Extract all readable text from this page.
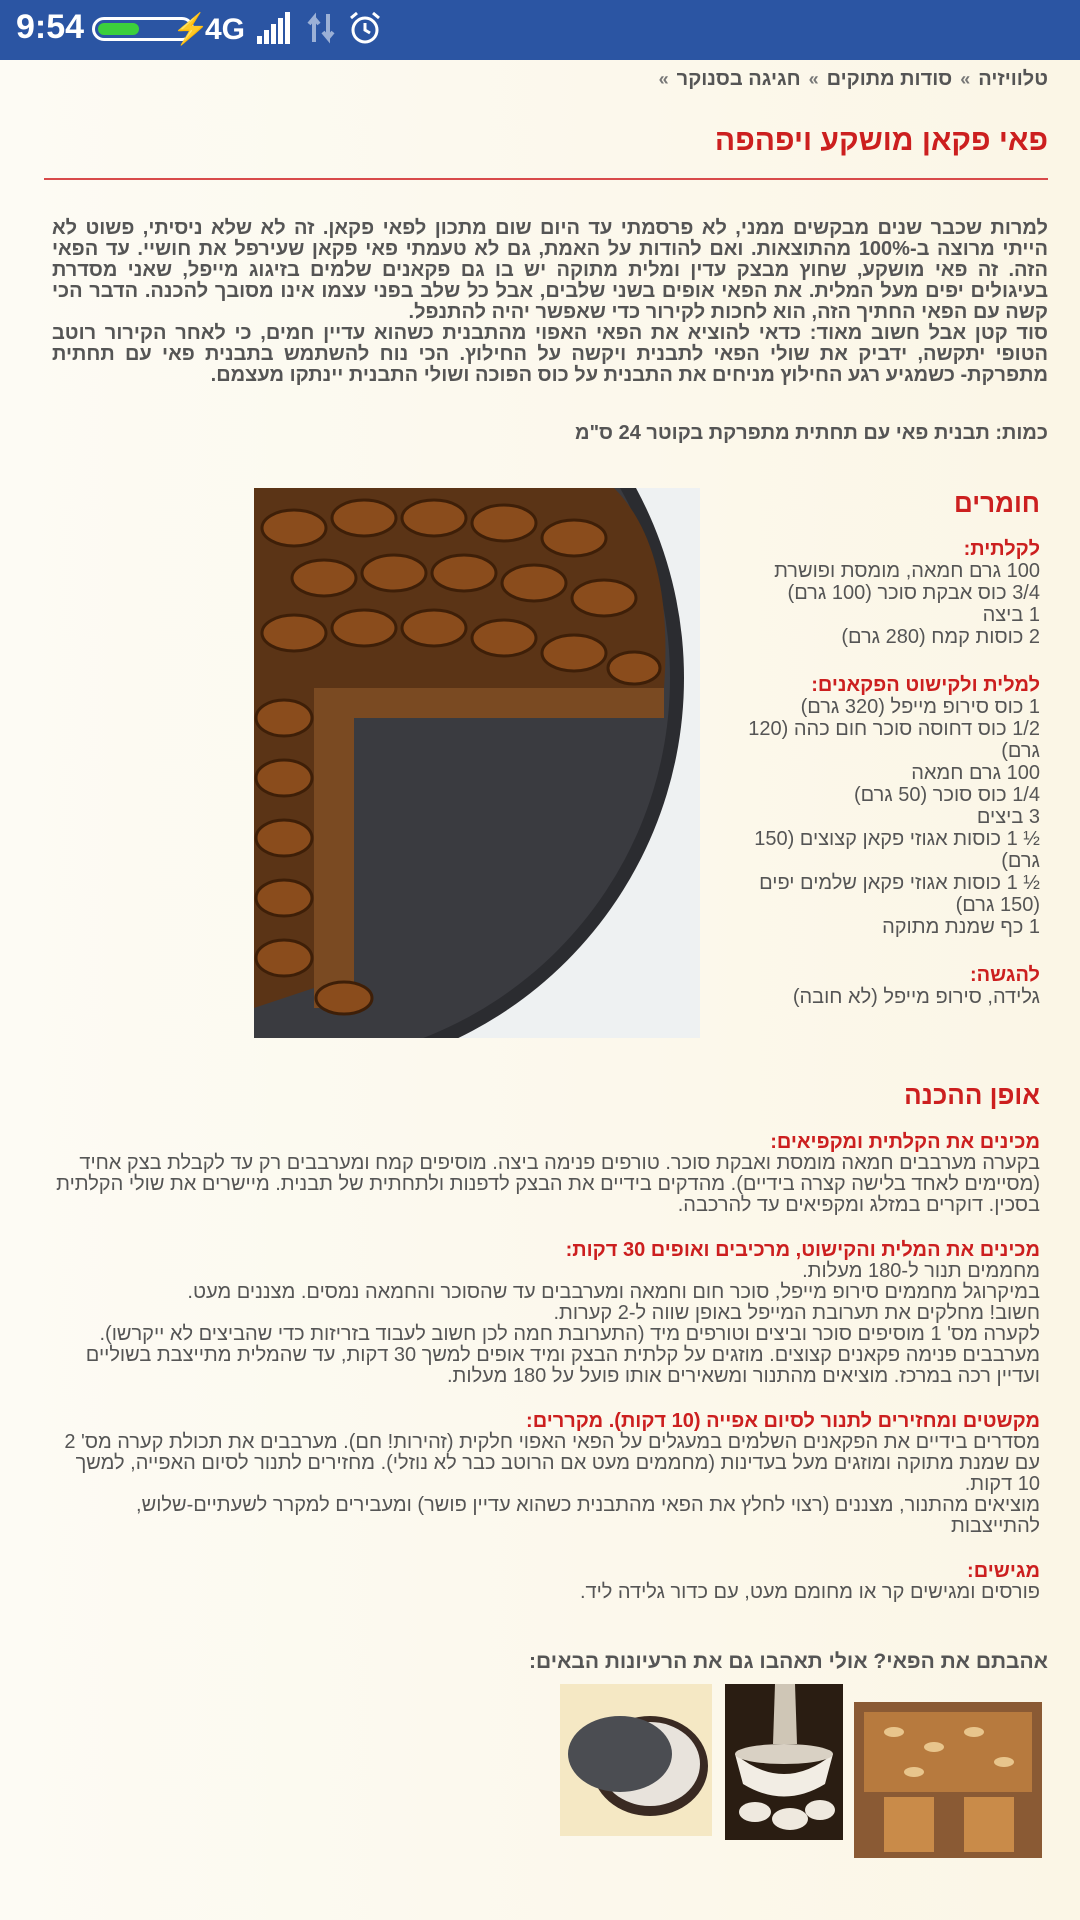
9:54	⚡
4G
טלוויזיה»סודות מתוקים»חגיגה בסנוקר»
פאי פקאן מושקע ויפהפה
למרות שכבר שנים מבקשים ממני, לא פרסמתי עד היום שום מתכון לפאי פקאן. זה לא שלא ניסיתי, פשוט לא הייתי מרוצה ב-100% מהתוצאות. ואם להודות על האמת, גם לא טעמתי פאי פקאן שעירפל את חושיי. עד הפאי הזה. זה פאי מושקע, שחוץ מבצק עדין ומלית מתוקה יש בו גם פקאנים שלמים בזיגוג מייפל, שאני מסדרת בעיגולים יפים מעל המלית. את הפאי אופים בשני שלבים, אבל כל שלב בפני עצמו אינו מסובך להכנה. הדבר הכי קשה עם הפאי החתיך הזה, הוא לחכות לקירור כדי שאפשר יהיה להתנפל.
סוד קטן אבל חשוב מאוד: כדאי להוציא את הפאי האפוי מהתבנית כשהוא עדיין חמים, כי לאחר הקירור רוטב הטופי יתקשה, ידביק את שולי הפאי לתבנית ויקשה על החילוץ. הכי נוח להשתמש בתבנית פאי עם תחתית מתפרקת- כשמגיע רגע החילוץ מניחים את התבנית על כוס הפוכה ושולי התבנית יינתקו מעצמם.
כמות: תבנית פאי עם תחתית מתפרקת בקוטר 24 ס"מ
חומרים
לקלתית:
100 גרם חמאה, מומסת ופושרת
3/4 כוס אבקת סוכר (100 גרם)
1 ביצה
2 כוסות קמח (280 גרם)
למלית ולקישוט הפקאנים:
1 כוס סירופ מייפל (320 גרם)
1/2 כוס דחוסה סוכר חום כהה (120 גרם)
100 גרם חמאה
1/4 כוס סוכר (50 גרם)
3 ביצים
½ 1 כוסות אגוזי פקאן קצוצים (150 גרם)
½ 1 כוסות אגוזי פקאן שלמים יפים (150 גרם)
1 כף שמנת מתוקה
להגשה:
גלידה, סירופ מייפל (לא חובה)
אופן ההכנה

מכינים את הקלתית ומקפיאים:
בקערה מערבבים חמאה מומסת ואבקת סוכר. טורפים פנימה ביצה. מוסיפים קמח ומערבבים רק עד לקבלת בצק אחיד (מסיימים לאחד בלישה קצרה בידיים). מהדקים בידיים את הבצק לדפנות ולתחתית של תבנית. מיישרים את שולי הקלתית בסכין. דוקרים במזלג ומקפיאים עד להרכבה.

מכינים את המלית והקישוט, מרכיבים ואופים 30 דקות:
מחממים תנור ל-180 מעלות.
במיקרוגל מחממים סירופ מייפל, סוכר חום וחמאה ומערבבים עד שהסוכר והחמאה נמסים. מצננים מעט.
חשוב! מחלקים את תערובת המייפל באופן שווה ל-2 קערות.
לקערה מס' 1 מוסיפים סוכר וביצים וטורפים מיד (התערובת חמה לכן חשוב לעבוד בזריזות כדי שהביצים לא ייקרשו). מערבבים פנימה פקאנים קצוצים. מוזגים על קלתית הבצק ומיד אופים למשך 30 דקות, עד שהמלית מתייצבת בשוליים ועדיין רכה במרכז. מוציאים מהתנור ומשאירים אותו פועל על 180 מעלות.

מקשטים ומחזירים לתנור לסיום אפייה (10 דקות). מקררים:
מסדרים בידיים את הפקאנים השלמים במעגלים על הפאי האפוי חלקית (זהירות! חם). מערבבים את תכולת קערה מס' 2 עם שמנת מתוקה ומוזגים מעל בעדינות (מחממים מעט אם הרוטב כבר לא נוזלי). מחזירים לתנור לסיום האפייה, למשך 10 דקות.
מוציאים מהתנור, מצננים (רצוי לחלץ את הפאי מהתבנית כשהוא עדיין פושר) ומעבירים למקרר לשעתיים-שלוש, להתייצבות

מגישים:
פורסים ומגישים קר או מחומם מעט, עם כדור גלידה ליד.

אהבתם את הפאי? אולי תאהבו גם את הרעיונות הבאים:
